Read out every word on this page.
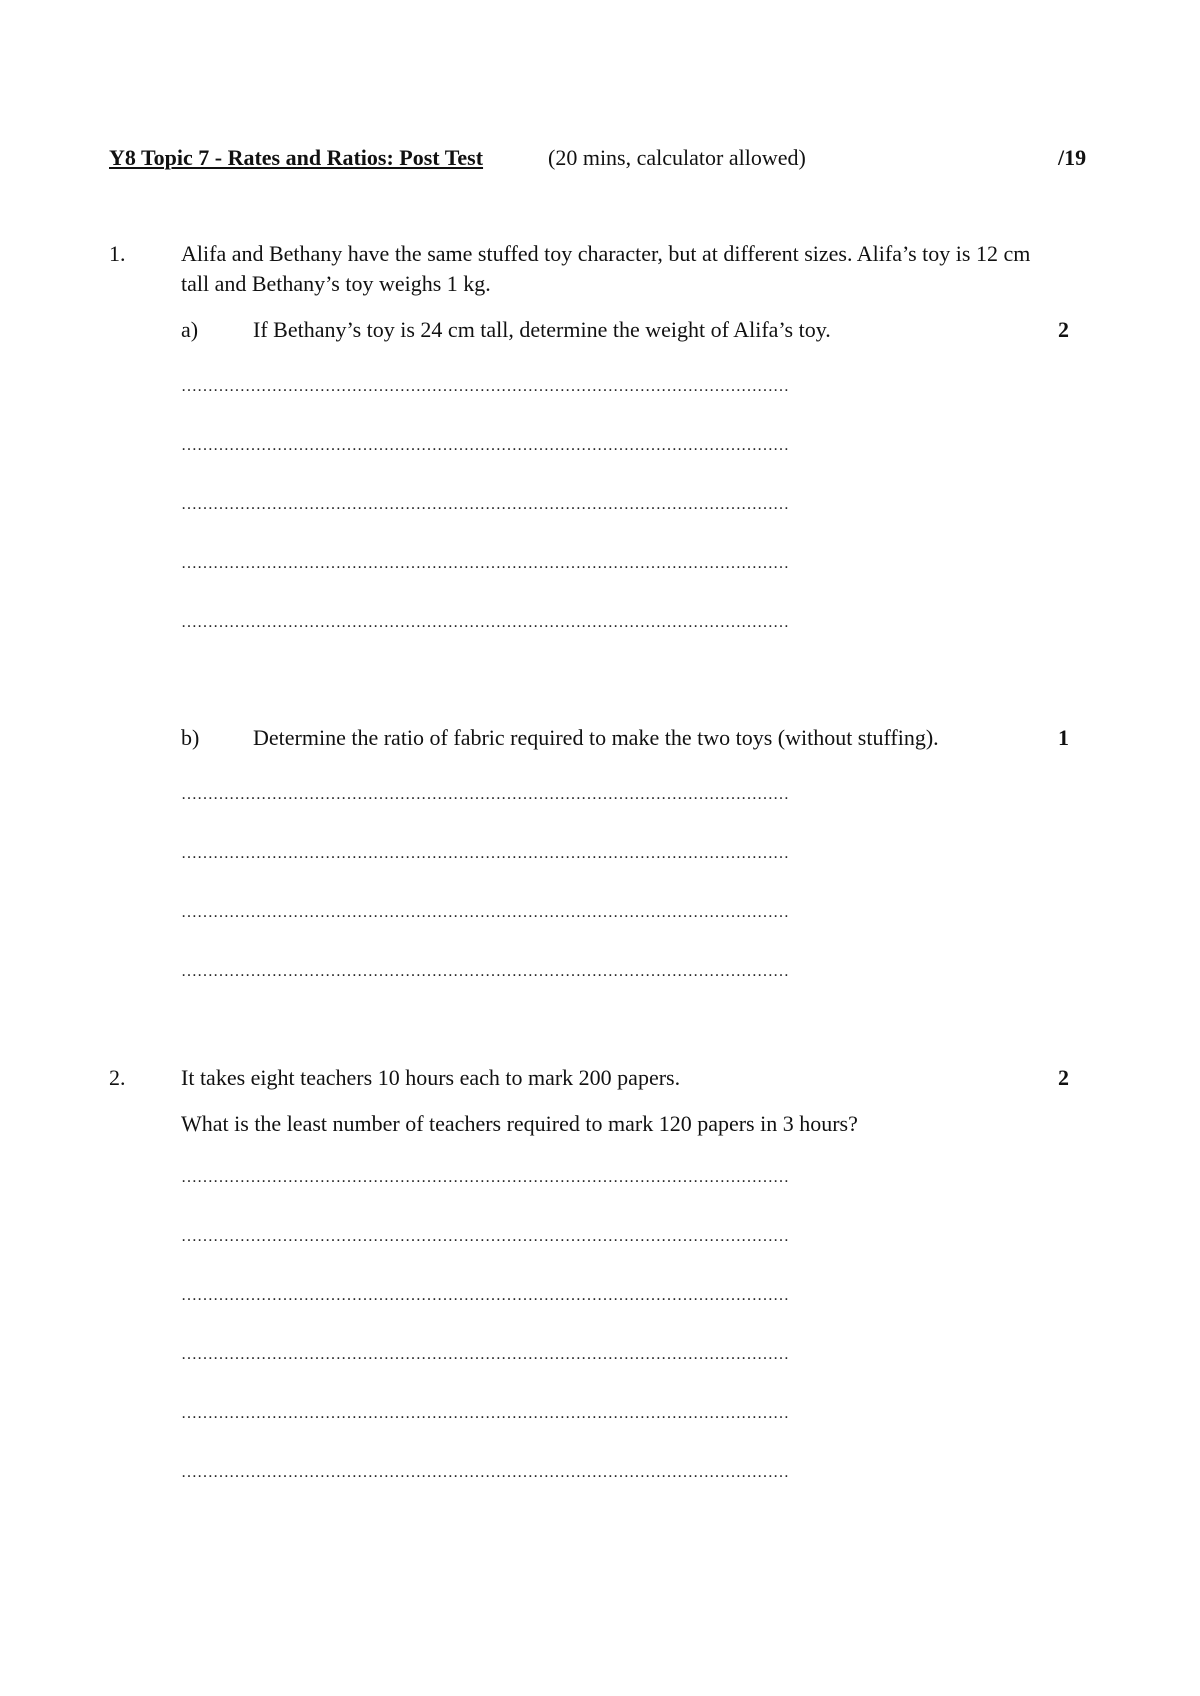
Y8 Topic 7 - Rates and Ratios: Post Test	(20 mins, calculator allowed)	/19
1.	Alifa and Bethany have the same stuffed toy character, but at different sizes. Alifa’s toy is 12 cm tall and Bethany’s toy weighs 1 kg.
a) If Bethany’s toy is 24 cm tall, determine the weight of Alifa’s toy.	2
……………………………………………………………………………………………………
……………………………………………………………………………………………………
……………………………………………………………………………………………………
……………………………………………………………………………………………………
……………………………………………………………………………………………………
b) Determine the ratio of fabric required to make the two toys (without stuffing).	1
……………………………………………………………………………………………………
……………………………………………………………………………………………………
……………………………………………………………………………………………………
……………………………………………………………………………………………………
2.	It takes eight teachers 10 hours each to mark 200 papers.	2
What is the least number of teachers required to mark 120 papers in 3 hours?
……………………………………………………………………………………………………
……………………………………………………………………………………………………
……………………………………………………………………………………………………
……………………………………………………………………………………………………
……………………………………………………………………………………………………
……………………………………………………………………………………………………
